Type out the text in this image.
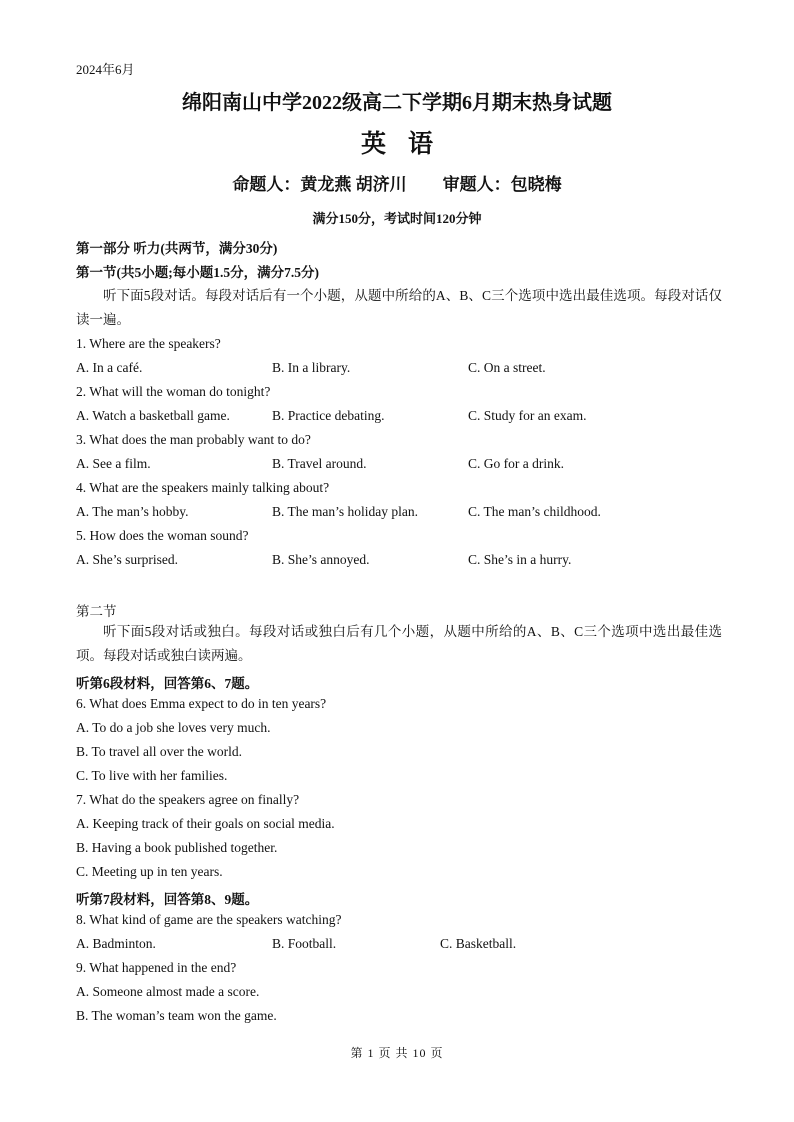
2024年6月
绵阳南山中学2022级高二下学期6月期末热身试题
英语
命题人：黄龙燕 胡济川 审题人：包晓梅
满分150分，考试时间120分钟
第一部分 听力(共两节，满分30分)
第一节(共5小题;每小题1.5分，满分7.5分)
听下面5段对话。每段对话后有一个小题，从题中所给的A、B、C三个选项中选出最佳选项。每段对话仅读一遍。
1. Where are the speakers?
A. In a café.	B. In a library.	C. On a street.
2. What will the woman do tonight?
A. Watch a basketball game.	B. Practice debating.	C. Study for an exam.
3. What does the man probably want to do?
A. See a film.	B. Travel around.	C. Go for a drink.
4. What are the speakers mainly talking about?
A. The man’s hobby.	B. The man’s holiday plan.	C. The man’s childhood.
5. How does the woman sound?
A. She’s surprised.	B. She’s annoyed.	C. She’s in a hurry.
第二节
听下面5段对话或独白。每段对话或独白后有几个小题，从题中所给的A、B、C三个选项中选出最佳选项。每段对话或独白读两遍。
听第6段材料，回答第6、7题。
6. What does Emma expect to do in ten years?
A. To do a job she loves very much.
B. To travel all over the world.
C. To live with her families.
7. What do the speakers agree on finally?
A. Keeping track of their goals on social media.
B. Having a book published together.
C. Meeting up in ten years.
听第7段材料，回答第8、9题。
8. What kind of game are the speakers watching?
A. Badminton.	B. Football.	C. Basketball.
9. What happened in the end?
A. Someone almost made a score.
B. The woman’s team won the game.
第 1 页 共 10 页
